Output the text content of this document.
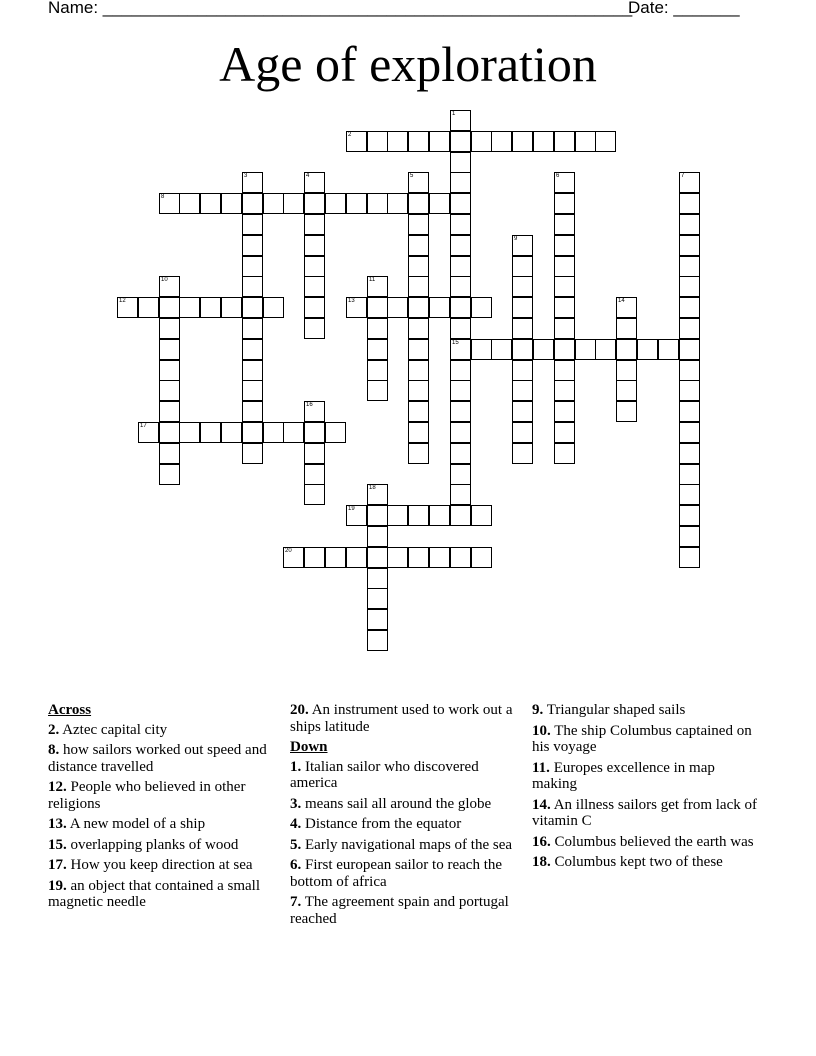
Name: ________________________________________________________
Date: _______
Age of exploration
1
15
2
3	4	5	6	7
8
9
10	11
12	13	14
16
17
18
19
20
Across
2. Aztec capital city
8. how sailors worked out speed and distance travelled
12. People who believed in other religions
13. A new model of a ship
15. overlapping planks of wood
17. How you keep direction at sea
19. an object that contained a small magnetic needle
20. An instrument used to work out a ships latitude
Down
1. Italian sailor who discovered america
3. means sail all around the globe
4. Distance from the equator
5. Early navigational maps of the sea
6. First european sailor to reach the bottom of africa
7. The agreement spain and portugal reached
9. Triangular shaped sails
10. The ship Columbus captained on his voyage
11. Europes excellence in map making
14. An illness sailors get from lack of vitamin C
16. Columbus believed the earth was
18. Columbus kept two of these
